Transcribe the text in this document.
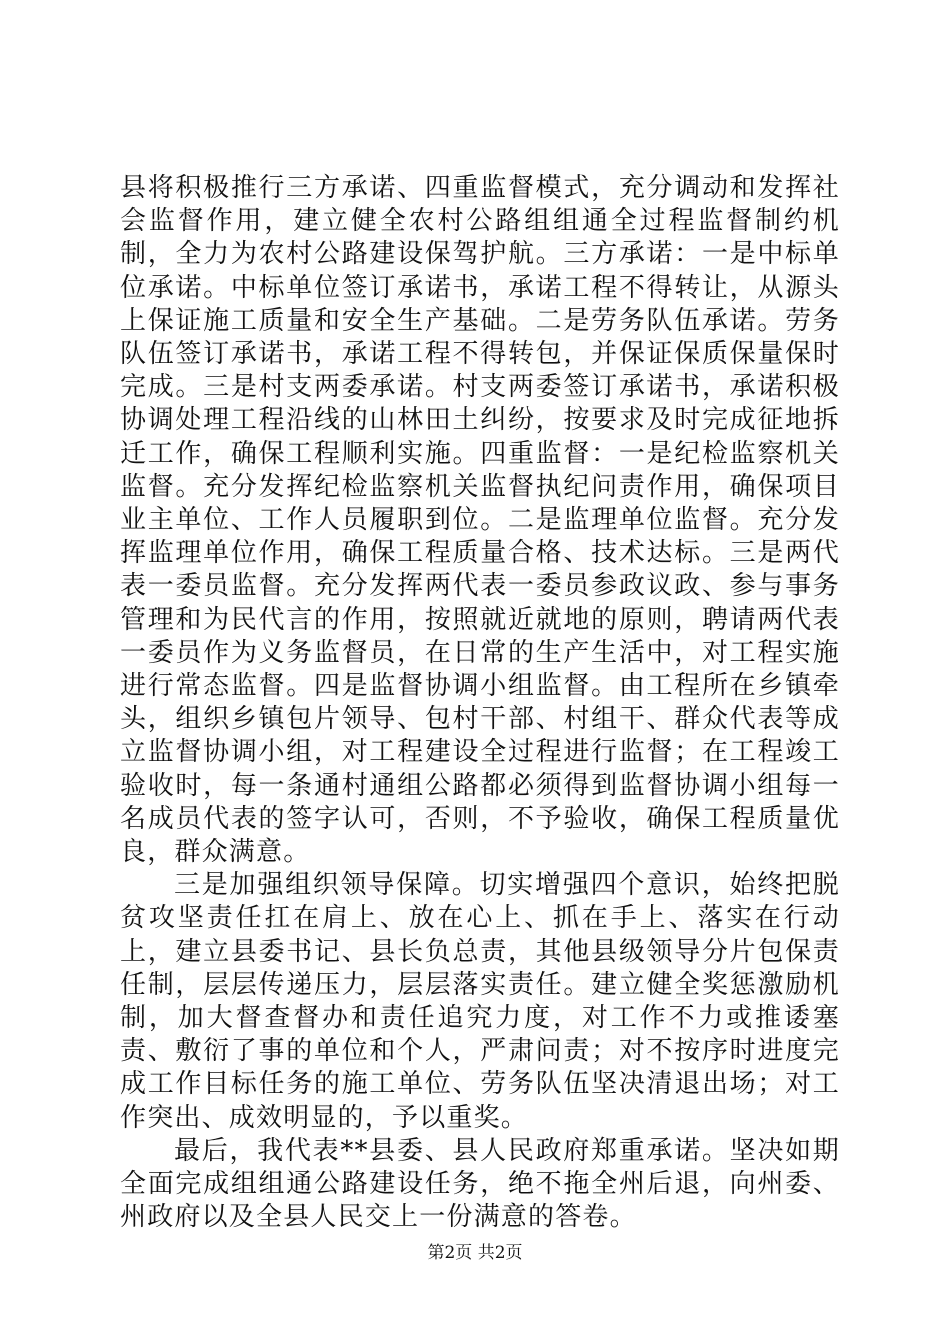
县将积极推行三方承诺、四重监督模式，充分调动和发挥社会监督作用，建立健全农村公路组组通全过程监督制约机制，全力为农村公路建设保驾护航。三方承诺：一是中标单位承诺。中标单位签订承诺书，承诺工程不得转让，从源头上保证施工质量和安全生产基础。二是劳务队伍承诺。劳务队伍签订承诺书，承诺工程不得转包，并保证保质保量保时完成。三是村支两委承诺。村支两委签订承诺书，承诺积极协调处理工程沿线的山林田土纠纷，按要求及时完成征地拆迁工作，确保工程顺利实施。四重监督：一是纪检监察机关监督。充分发挥纪检监察机关监督执纪问责作用，确保项目业主单位、工作人员履职到位。二是监理单位监督。充分发挥监理单位作用，确保工程质量合格、技术达标。三是两代表一委员监督。充分发挥两代表一委员参政议政、参与事务管理和为民代言的作用，按照就近就地的原则，聘请两代表一委员作为义务监督员，在日常的生产生活中，对工程实施进行常态监督。四是监督协调小组监督。由工程所在乡镇牵头，组织乡镇包片领导、包村干部、村组干、群众代表等成立监督协调小组，对工程建设全过程进行监督；在工程竣工验收时，每一条通村通组公路都必须得到监督协调小组每一名成员代表的签字认可，否则，不予验收，确保工程质量优良，群众满意。

三是加强组织领导保障。切实增强四个意识，始终把脱贫攻坚责任扛在肩上、放在心上、抓在手上、落实在行动上，建立县委书记、县长负总责，其他县级领导分片包保责任制，层层传递压力，层层落实责任。建立健全奖惩激励机制，加大督查督办和责任追究力度，对工作不力或推诿塞责、敷衍了事的单位和个人，严肃问责；对不按序时进度完成工作目标任务的施工单位、劳务队伍坚决清退出场；对工作突出、成效明显的，予以重奖。

最后，我代表**县委、县人民政府郑重承诺。坚决如期全面完成组组通公路建设任务，绝不拖全州后退，向州委、州政府以及全县人民交上一份满意的答卷。

第2页 共2页
